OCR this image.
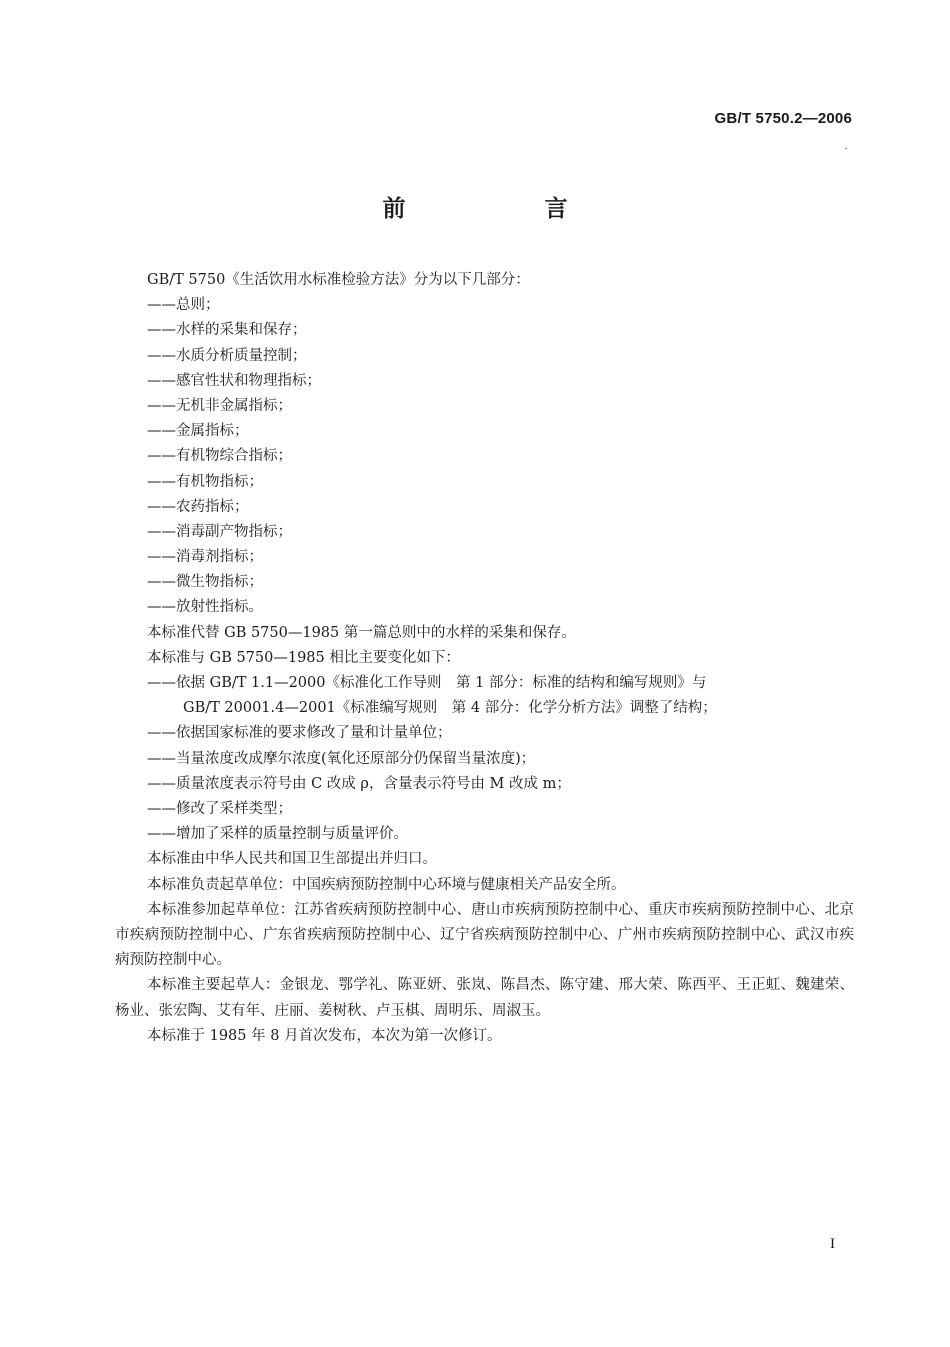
GB/T 5750.2—2006
前　言
GB/T 5750《生活饮用水标准检验方法》分为以下几部分：
——总则；
——水样的采集和保存；
——水质分析质量控制；
——感官性状和物理指标；
——无机非金属指标；
——金属指标；
——有机物综合指标；
——有机物指标；
——农药指标；
——消毒副产物指标；
——消毒剂指标；
——微生物指标；
——放射性指标。
本标准代替 GB 5750—1985 第一篇总则中的水样的采集和保存。
本标准与 GB 5750—1985 相比主要变化如下：
——依据 GB/T 1.1—2000《标准化工作导则　第 1 部分：标准的结构和编写规则》与
GB/T 20001.4—2001《标准编写规则　第 4 部分：化学分析方法》调整了结构；
——依据国家标准的要求修改了量和计量单位；
——当量浓度改成摩尔浓度(氧化还原部分仍保留当量浓度)；
——质量浓度表示符号由 C 改成 ρ，含量表示符号由 M 改成 m；
——修改了采样类型；
——增加了采样的质量控制与质量评价。
本标准由中华人民共和国卫生部提出并归口。
本标准负责起草单位：中国疾病预防控制中心环境与健康相关产品安全所。
本标准参加起草单位：江苏省疾病预防控制中心、唐山市疾病预防控制中心、重庆市疾病预防控制中心、北京市疾病预防控制中心、广东省疾病预防控制中心、辽宁省疾病预防控制中心、广州市疾病预防控制中心、武汉市疾病预防控制中心。
本标准主要起草人：金银龙、鄂学礼、陈亚妍、张岚、陈昌杰、陈守建、邢大荣、陈西平、王正虹、魏建荣、杨业、张宏陶、艾有年、庄丽、姜树秋、卢玉棋、周明乐、周淑玉。
本标准于 1985 年 8 月首次发布，本次为第一次修订。
I
